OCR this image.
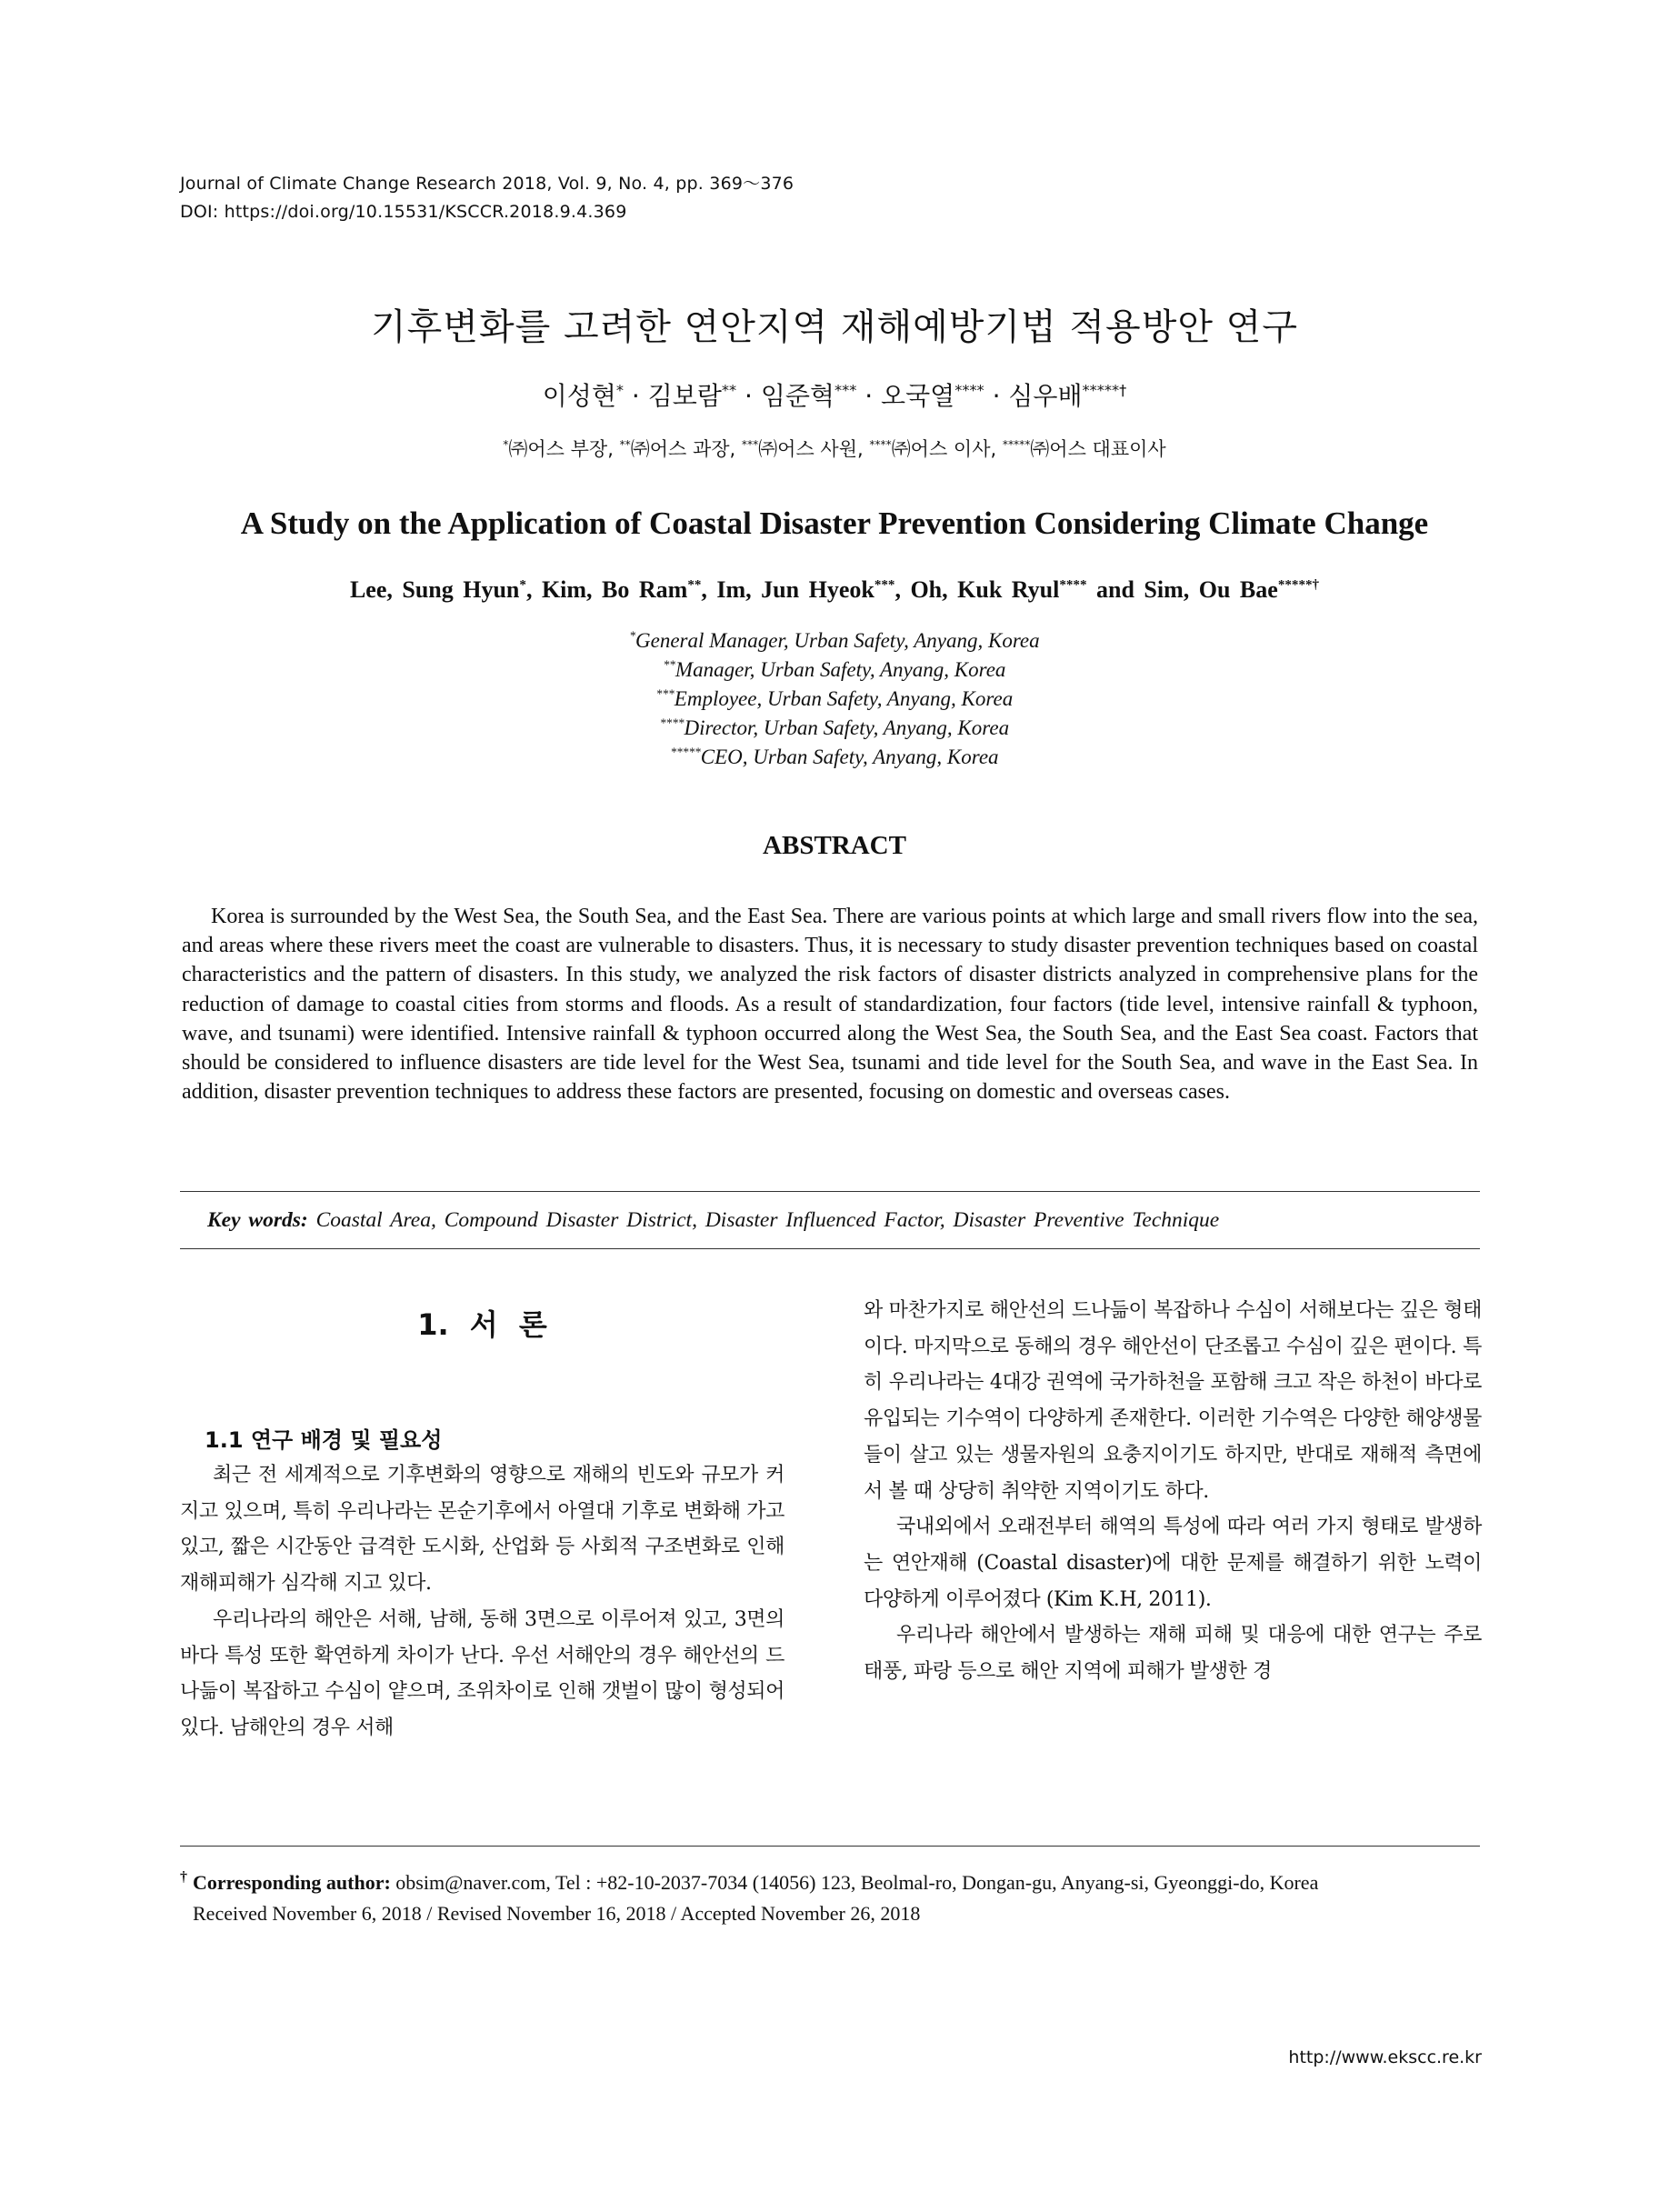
Journal of Climate Change Research 2018, Vol. 9, No. 4, pp. 369～376
DOI: https://doi.org/10.15531/KSCCR.2018.9.4.369
기후변화를 고려한 연안지역 재해예방기법 적용방안 연구
이성현* · 김보람** · 임준혁*** · 오국열**** · 심우배*****†
*㈜어스 부장, **㈜어스 과장, ***㈜어스 사원, ****㈜어스 이사, *****㈜어스 대표이사
A Study on the Application of Coastal Disaster Prevention Considering Climate Change
Lee, Sung Hyun*, Kim, Bo Ram**, Im, Jun Hyeok***, Oh, Kuk Ryul**** and Sim, Ou Bae*****†
*General Manager, Urban Safety, Anyang, Korea
**Manager, Urban Safety, Anyang, Korea
***Employee, Urban Safety, Anyang, Korea
****Director, Urban Safety, Anyang, Korea
*****CEO, Urban Safety, Anyang, Korea
ABSTRACT
Korea is surrounded by the West Sea, the South Sea, and the East Sea. There are various points at which large and small rivers flow into the sea, and areas where these rivers meet the coast are vulnerable to disasters. Thus, it is necessary to study disaster prevention techniques based on coastal characteristics and the pattern of disasters. In this study, we analyzed the risk factors of disaster districts analyzed in comprehensive plans for the reduction of damage to coastal cities from storms and floods. As a result of standardization, four factors (tide level, intensive rainfall & typhoon, wave, and tsunami) were identified. Intensive rainfall & typhoon occurred along the West Sea, the South Sea, and the East Sea coast. Factors that should be considered to influence disasters are tide level for the West Sea, tsunami and tide level for the South Sea, and wave in the East Sea. In addition, disaster prevention techniques to address these factors are presented, focusing on domestic and overseas cases.
Key words: Coastal Area, Compound Disaster District, Disaster Influenced Factor, Disaster Preventive Technique
1. 서 론
1.1 연구 배경 및 필요성

최근 전 세계적으로 기후변화의 영향으로 재해의 빈도와 규모가 커지고 있으며, 특히 우리나라는 몬순기후에서 아열대 기후로 변화해 가고 있고, 짧은 시간동안 급격한 도시화, 산업화 등 사회적 구조변화로 인해 재해피해가 심각해 지고 있다.

우리나라의 해안은 서해, 남해, 동해 3면으로 이루어져 있고, 3면의 바다 특성 또한 확연하게 차이가 난다. 우선 서해안의 경우 해안선의 드나듦이 복잡하고 수심이 얕으며, 조위차이로 인해 갯벌이 많이 형성되어 있다. 남해안의 경우 서해

와 마찬가지로 해안선의 드나듦이 복잡하나 수심이 서해보다는 깊은 형태이다. 마지막으로 동해의 경우 해안선이 단조롭고 수심이 깊은 편이다. 특히 우리나라는 4대강 권역에 국가하천을 포함해 크고 작은 하천이 바다로 유입되는 기수역이 다양하게 존재한다. 이러한 기수역은 다양한 해양생물들이 살고 있는 생물자원의 요충지이기도 하지만, 반대로 재해적 측면에서 볼 때 상당히 취약한 지역이기도 하다.

국내외에서 오래전부터 해역의 특성에 따라 여러 가지 형태로 발생하는 연안재해 (Coastal disaster)에 대한 문제를 해결하기 위한 노력이 다양하게 이루어졌다 (Kim K.H, 2011).

우리나라 해안에서 발생하는 재해 피해 및 대응에 대한 연구는 주로 태풍, 파랑 등으로 해안 지역에 피해가 발생한 경

† Corresponding author: obsim@naver.com, Tel : +82-10-2037-7034 (14056) 123, Beolmal-ro, Dongan-gu, Anyang-si, Gyeonggi-do, Korea
Received November 6, 2018 / Revised November 16, 2018 / Accepted November 26, 2018
http://www.ekscc.re.kr
